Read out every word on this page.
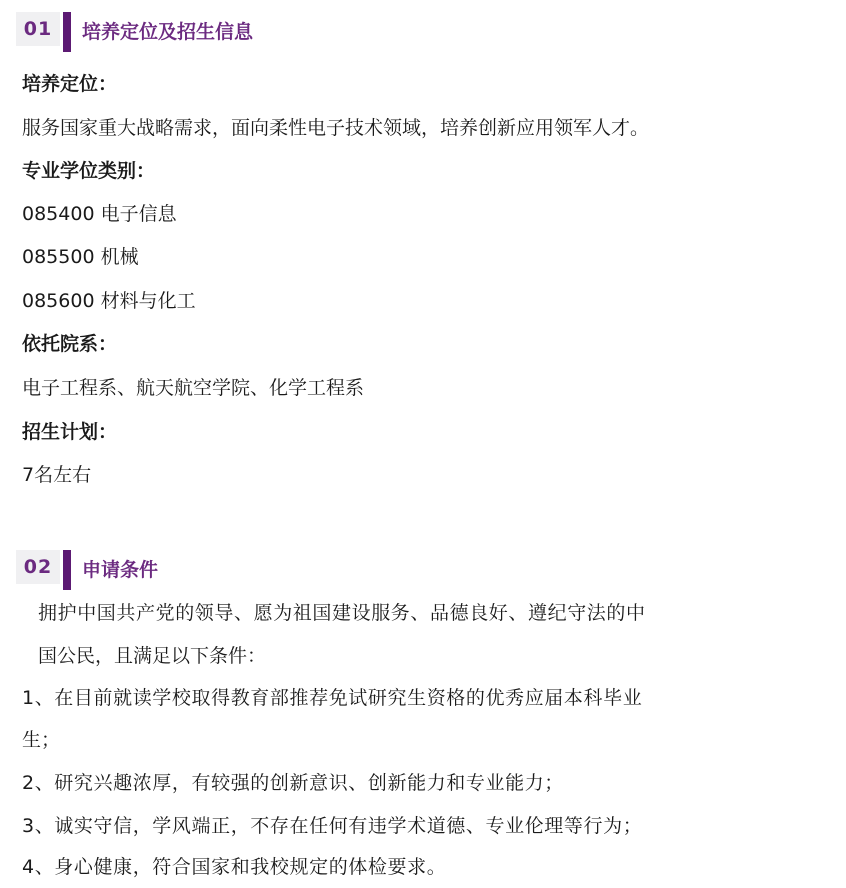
01	培养定位及招生信息
培养定位：
服务国家重大战略需求，面向柔性电子技术领域，培养创新应用领军人才。
专业学位类别：
085400 电子信息
085500 机械
085600 材料与化工
依托院系：
电子工程系、航天航空学院、化学工程系
招生计划：
7名左右
02	申请条件
拥护中国共产党的领导、愿为祖国建设服务、品德良好、遵纪守法的中
国公民，且满足以下条件：
1、在目前就读学校取得教育部推荐免试研究生资格的优秀应届本科毕业
生；
2、研究兴趣浓厚，有较强的创新意识、创新能力和专业能力；
3、诚实守信，学风端正，不存在任何有违学术道德、专业伦理等行为；
4、身心健康，符合国家和我校规定的体检要求。
